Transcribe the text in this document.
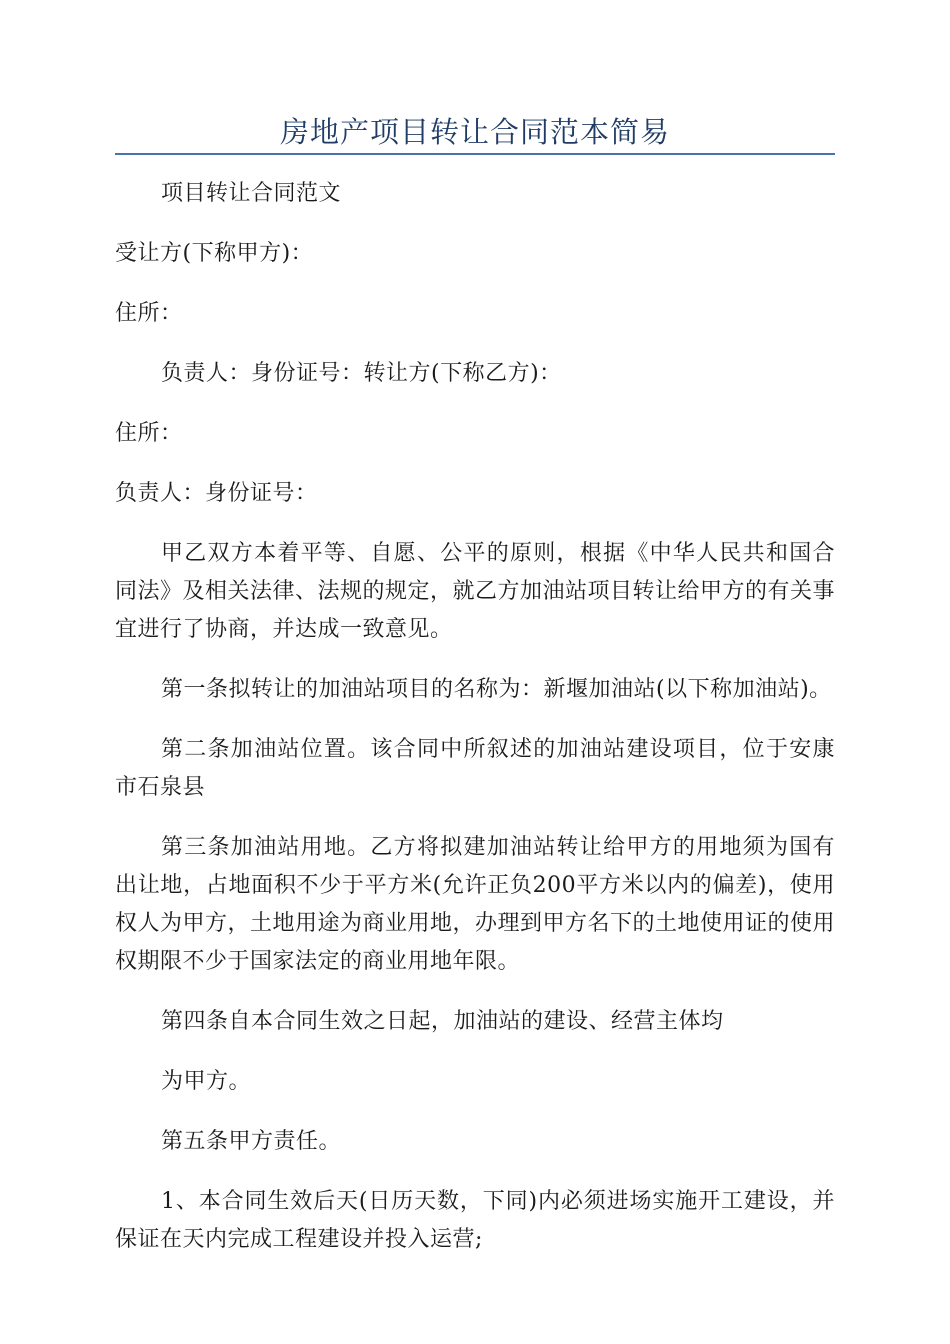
房地产项目转让合同范本简易

项目转让合同范文

受让方(下称甲方)：

住所：

负责人：身份证号：转让方(下称乙方)：

住所：

负责人：身份证号：

甲乙双方本着平等、自愿、公平的原则，根据《中华人民共和国合同法》及相关法律、法规的规定，就乙方加油站项目转让给甲方的有关事宜进行了协商，并达成一致意见。

第一条拟转让的加油站项目的名称为：新堰加油站(以下称加油站)。

第二条加油站位置。该合同中所叙述的加油站建设项目，位于安康市石泉县

第三条加油站用地。乙方将拟建加油站转让给甲方的用地须为国有出让地，占地面积不少于平方米(允许正负200平方米以内的偏差)，使用权人为甲方，土地用途为商业用地，办理到甲方名下的土地使用证的使用权期限不少于国家法定的商业用地年限。

第四条自本合同生效之日起，加油站的建设、经营主体均

为甲方。

第五条甲方责任。

1、本合同生效后天(日历天数，下同)内必须进场实施开工建设，并保证在天内完成工程建设并投入运营;
